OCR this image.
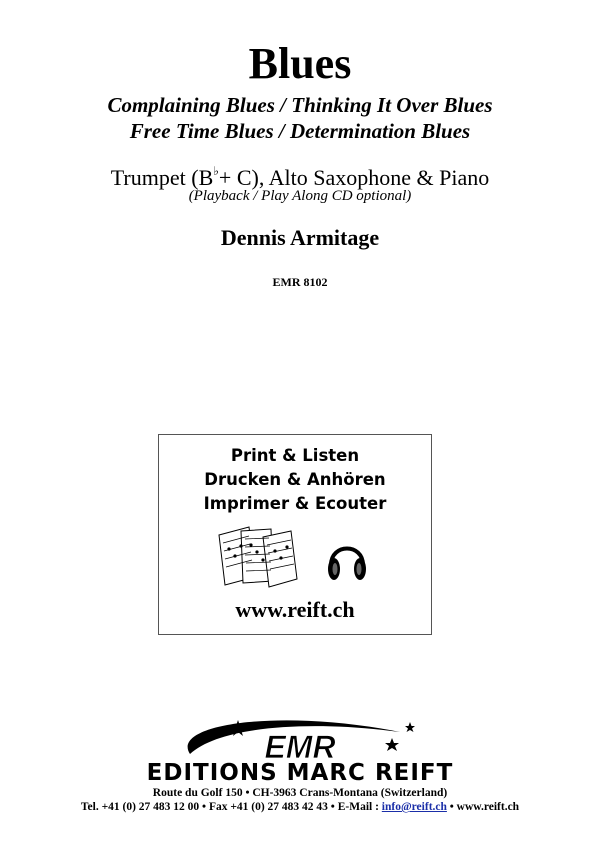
Blues
Complaining Blues / Thinking It Over Blues
Free Time Blues / Determination Blues
Trumpet (B♭+ C), Alto Saxophone & Piano
(Playback / Play Along CD optional)
Dennis Armitage
EMR 8102
Print & Listen
Drucken & Anhören
Imprimer & Ecouter
www.reift.ch
EMR
EDITIONS MARC REIFT
Route du Golf 150 • CH-3963 Crans-Montana (Switzerland)
Tel. +41 (0) 27 483 12 00 • Fax +41 (0) 27 483 42 43 • E-Mail : info@reift.ch • www.reift.ch
